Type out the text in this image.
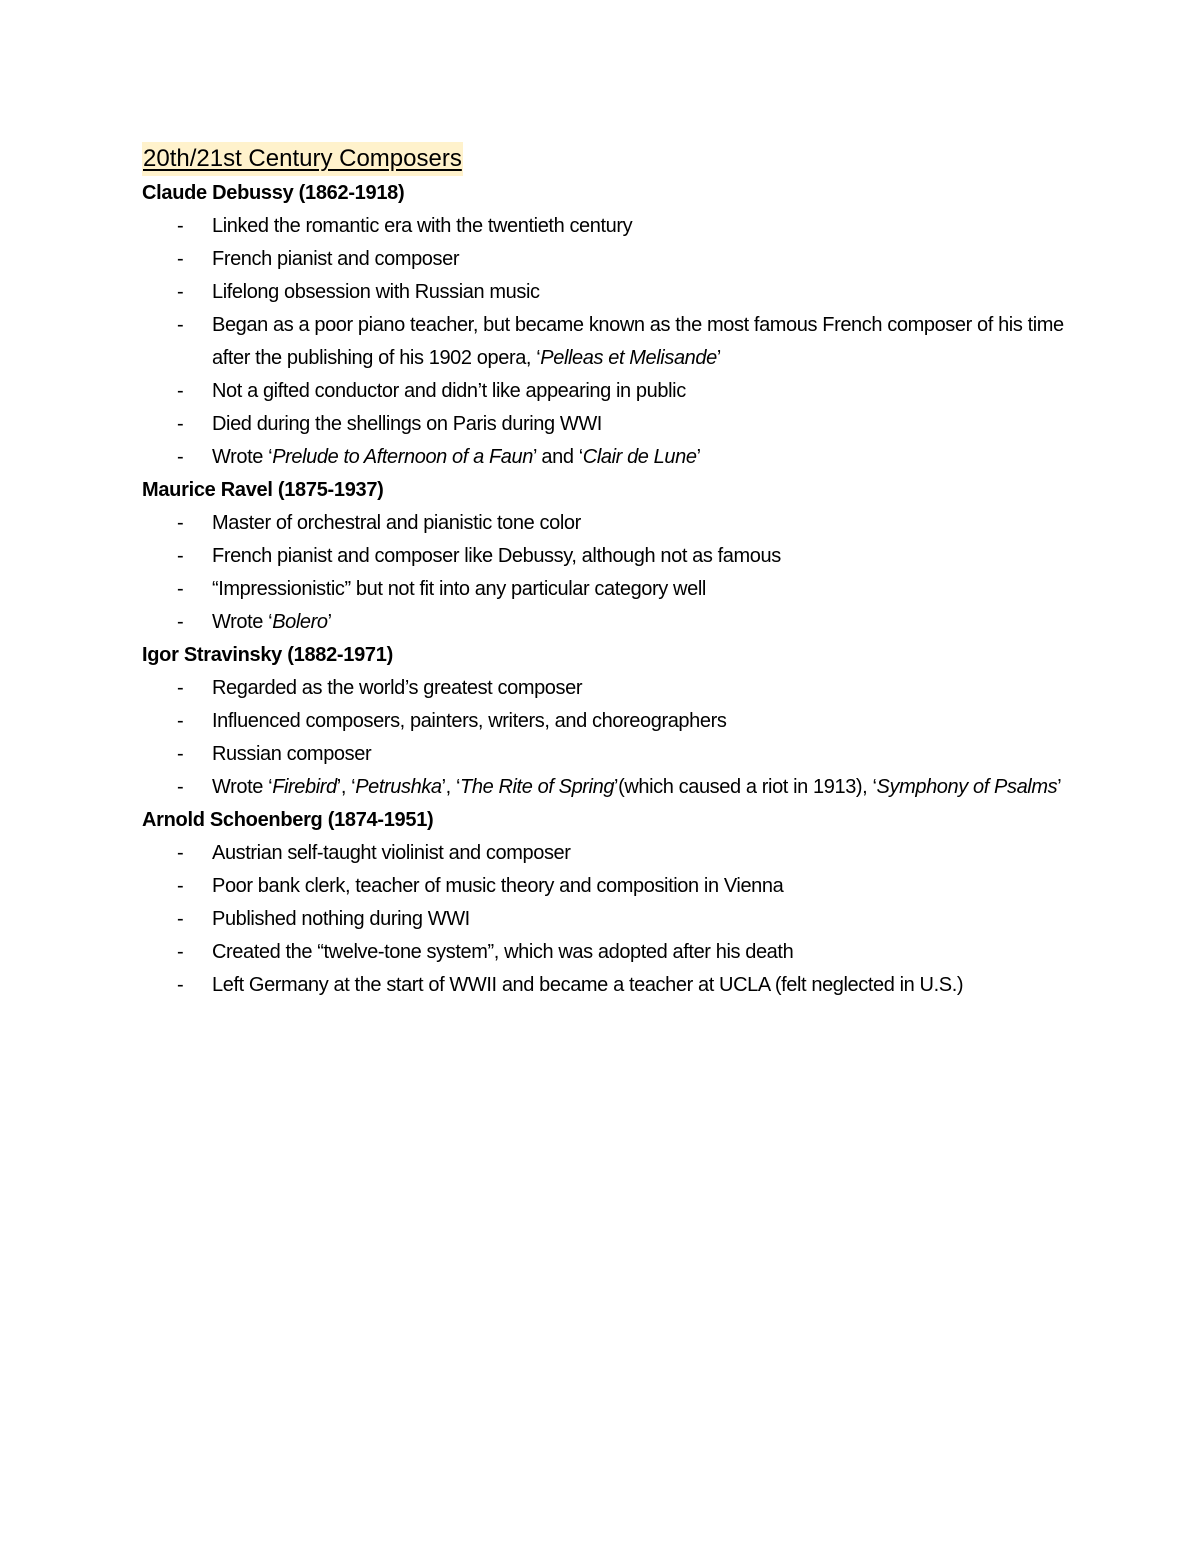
20th/21st Century Composers
Claude Debussy (1862-1918)
- Linked the romantic era with the twentieth century
- French pianist and composer
- Lifelong obsession with Russian music
- Began as a poor piano teacher, but became known as the most famous French composer of his time after the publishing of his 1902 opera, ‘Pelleas et Melisande’
- Not a gifted conductor and didn’t like appearing in public
- Died during the shellings on Paris during WWI
- Wrote ‘Prelude to Afternoon of a Faun’ and ‘Clair de Lune’
Maurice Ravel (1875-1937)
- Master of orchestral and pianistic tone color
- French pianist and composer like Debussy, although not as famous
- “Impressionistic” but not fit into any particular category well
- Wrote ‘Bolero’
Igor Stravinsky (1882-1971)
- Regarded as the world’s greatest composer
- Influenced composers, painters, writers, and choreographers
- Russian composer
- Wrote ‘Firebird’, ‘Petrushka’, ‘The Rite of Spring’(which caused a riot in 1913), ‘Symphony of Psalms’
Arnold Schoenberg (1874-1951)
- Austrian self-taught violinist and composer
- Poor bank clerk, teacher of music theory and composition in Vienna
- Published nothing during WWI
- Created the “twelve-tone system”, which was adopted after his death
- Left Germany at the start of WWII and became a teacher at UCLA (felt neglected in U.S.)
